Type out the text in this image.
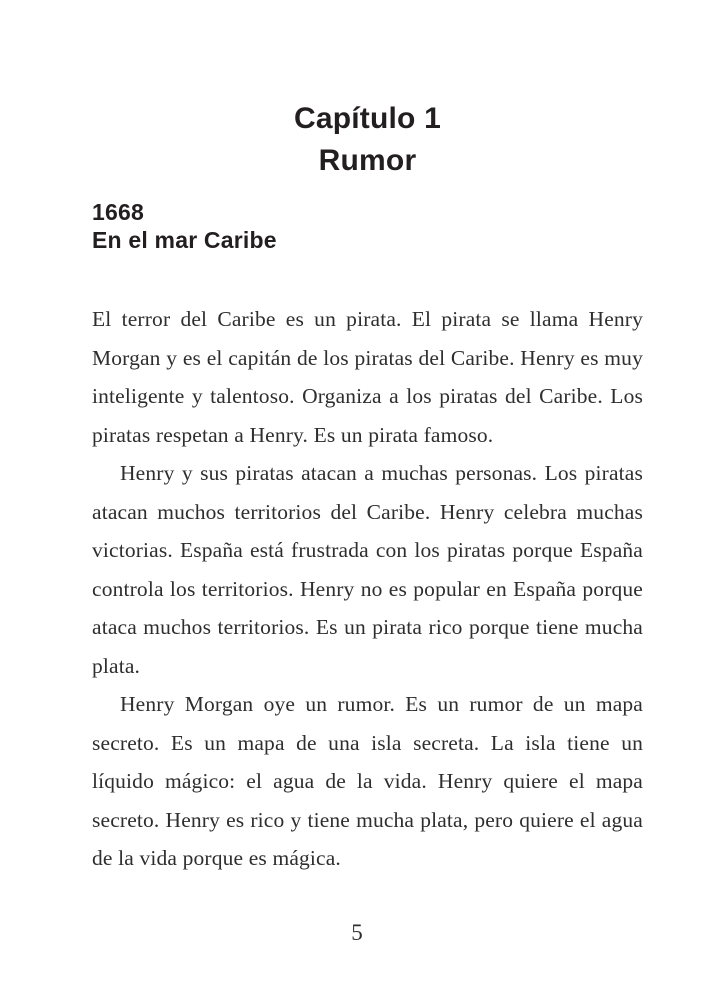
Capítulo 1
Rumor
1668
En el mar Caribe

El terror del Caribe es un pirata. El pirata se llama Henry Morgan y es el capitán de los piratas del Caribe. Henry es muy inteligente y talentoso. Organiza a los piratas del Caribe. Los piratas respetan a Henry. Es un pirata famoso.

Henry y sus piratas atacan a muchas personas. Los piratas atacan muchos territorios del Caribe. Henry celebra muchas victorias. España está frustrada con los piratas porque España controla los territorios. Henry no es popular en España porque ataca muchos territorios. Es un pirata rico porque tiene mucha plata.

Henry Morgan oye un rumor. Es un rumor de un mapa secreto. Es un mapa de una isla secreta. La isla tiene un líquido mágico: el agua de la vida. Henry quiere el mapa secreto. Henry es rico y tiene mucha plata, pero quiere el agua de la vida porque es mágica.

5
